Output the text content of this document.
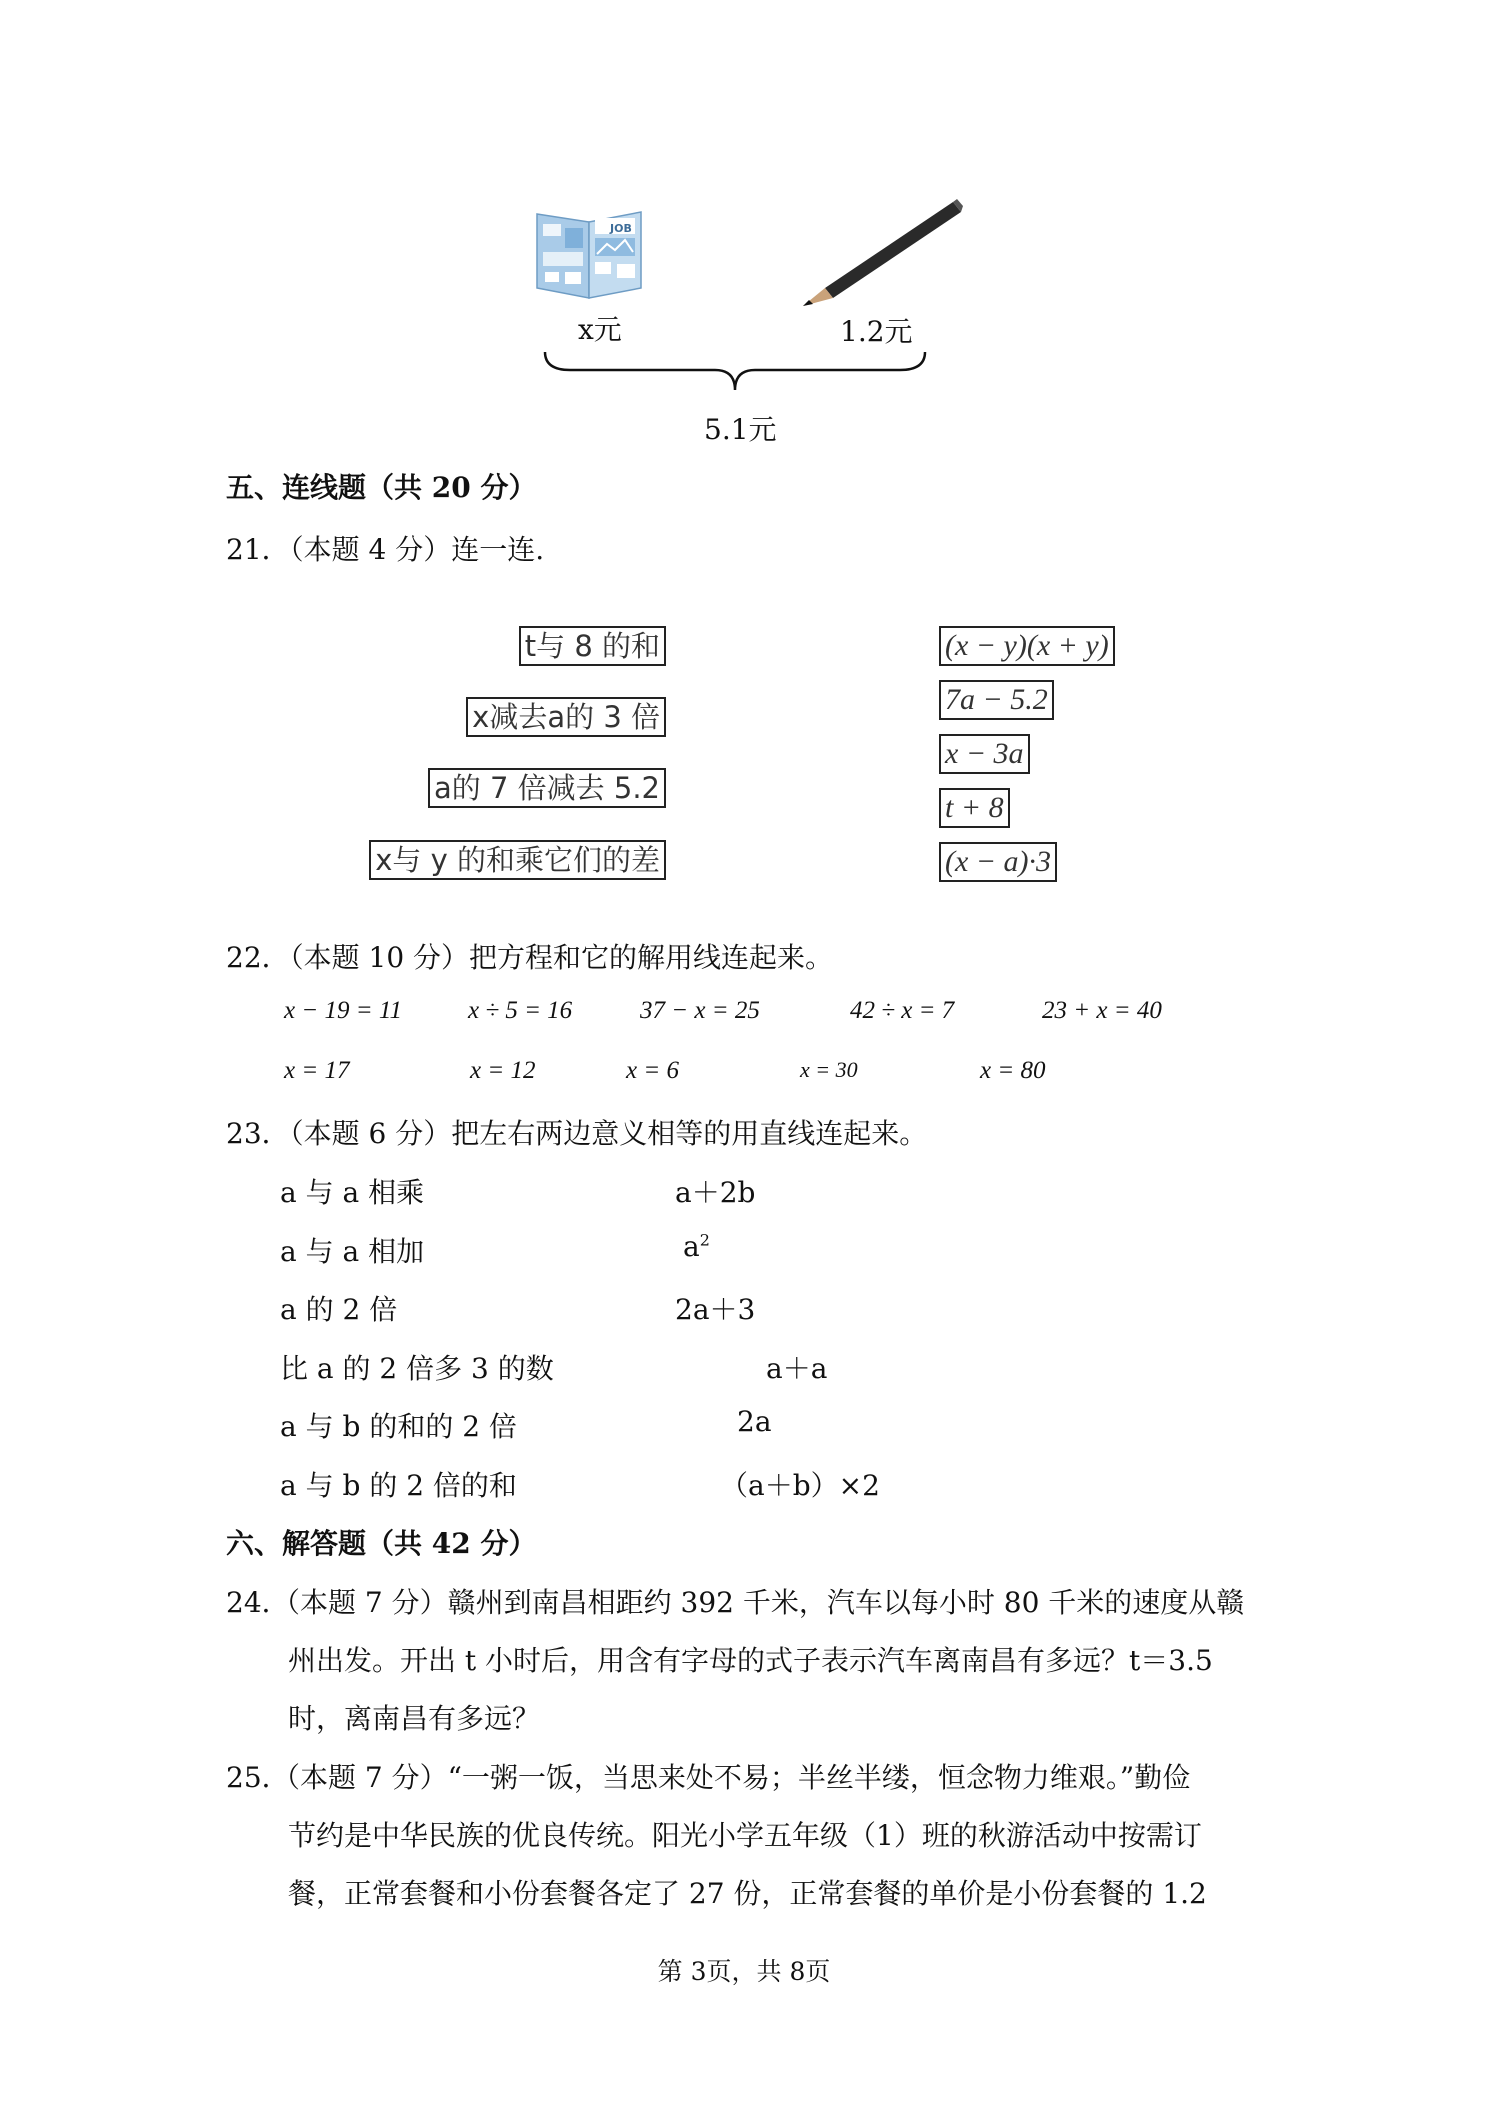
JOB
x元	1.2元
5.1元
五、连线题（共 20 分）
21．（本题 4 分）连一连.
t与 8 的和
x减去a的 3 倍
a的 7 倍减去 5.2
x与 y 的和乘它们的差
(x − y)(x + y)
7a − 5.2
x − 3a
t + 8
(x − a)·3
22．（本题 10 分）把方程和它的解用线连起来。
x − 19 = 11	x ÷ 5 = 16	37 − x = 25	42 ÷ x = 7	23 + x = 40
x = 17	x = 12	x = 6	x = 30	x = 80
23．（本题 6 分）把左右两边意义相等的用直线连起来。
a 与 a 相乘
a 与 a 相加
a 的 2 倍
比 a 的 2 倍多 3 的数
a 与 b 的和的 2 倍
a 与 b 的 2 倍的和
a＋2b
$a^2$
2a＋3
a＋a
2a
（a＋b）×2
六、解答题（共 42 分）
24．
（本题 7 分）赣州到南昌相距约 392 千米，汽车以每小时 80 千米的速度从赣
州出发。开出 t 小时后，用含有字母的式子表示汽车离南昌有多远？t＝3.5
时，离南昌有多远？
25．
（本题 7 分）“一粥一饭，当思来处不易；半丝半缕，恒念物力维艰。”勤俭
节约是中华民族的优良传统。阳光小学五年级（1）班的秋游活动中按需订
餐，正常套餐和小份套餐各定了 27 份，正常套餐的单价是小份套餐的 1.2
第 3页，共 8页
